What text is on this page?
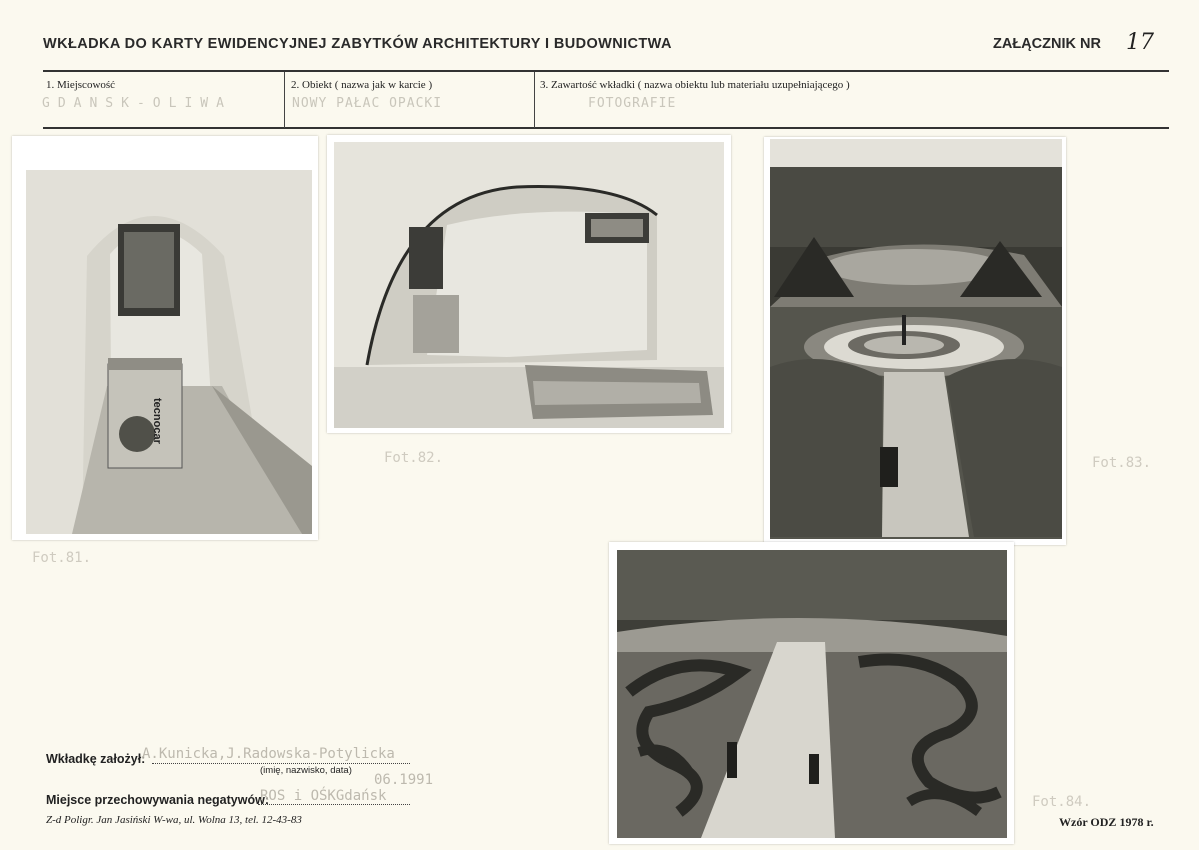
WKŁADKA DO KARTY EWIDENCYJNEJ ZABYTKÓW ARCHITEKTURY I BUDOWNICTWA	ZAŁĄCZNIK NR 17
1. Miejscowość
GDANSK-OLIWA
2. Obiekt ( nazwa jak w karcie )
NOWY PAŁAC OPACKI
3. Zawartość wkładki ( nazwa obiektu lub materiału uzupełniającego )
FOTOGRAFIE
tecnocar
Fot.81.
Fot.82.	Fot.83.
Fot.84.
Wkładkę założył:
A.Kunicka,J.Radowska-Potylicka
(imię, nazwisko, data)
06.1991
Miejsce przechowywania negatywów:
ROS i OŚKGdańsk
Z-d Poligr. Jan Jasiński W-wa, ul. Wolna 13, tel. 12-43-83	Wzór ODZ 1978 r.
